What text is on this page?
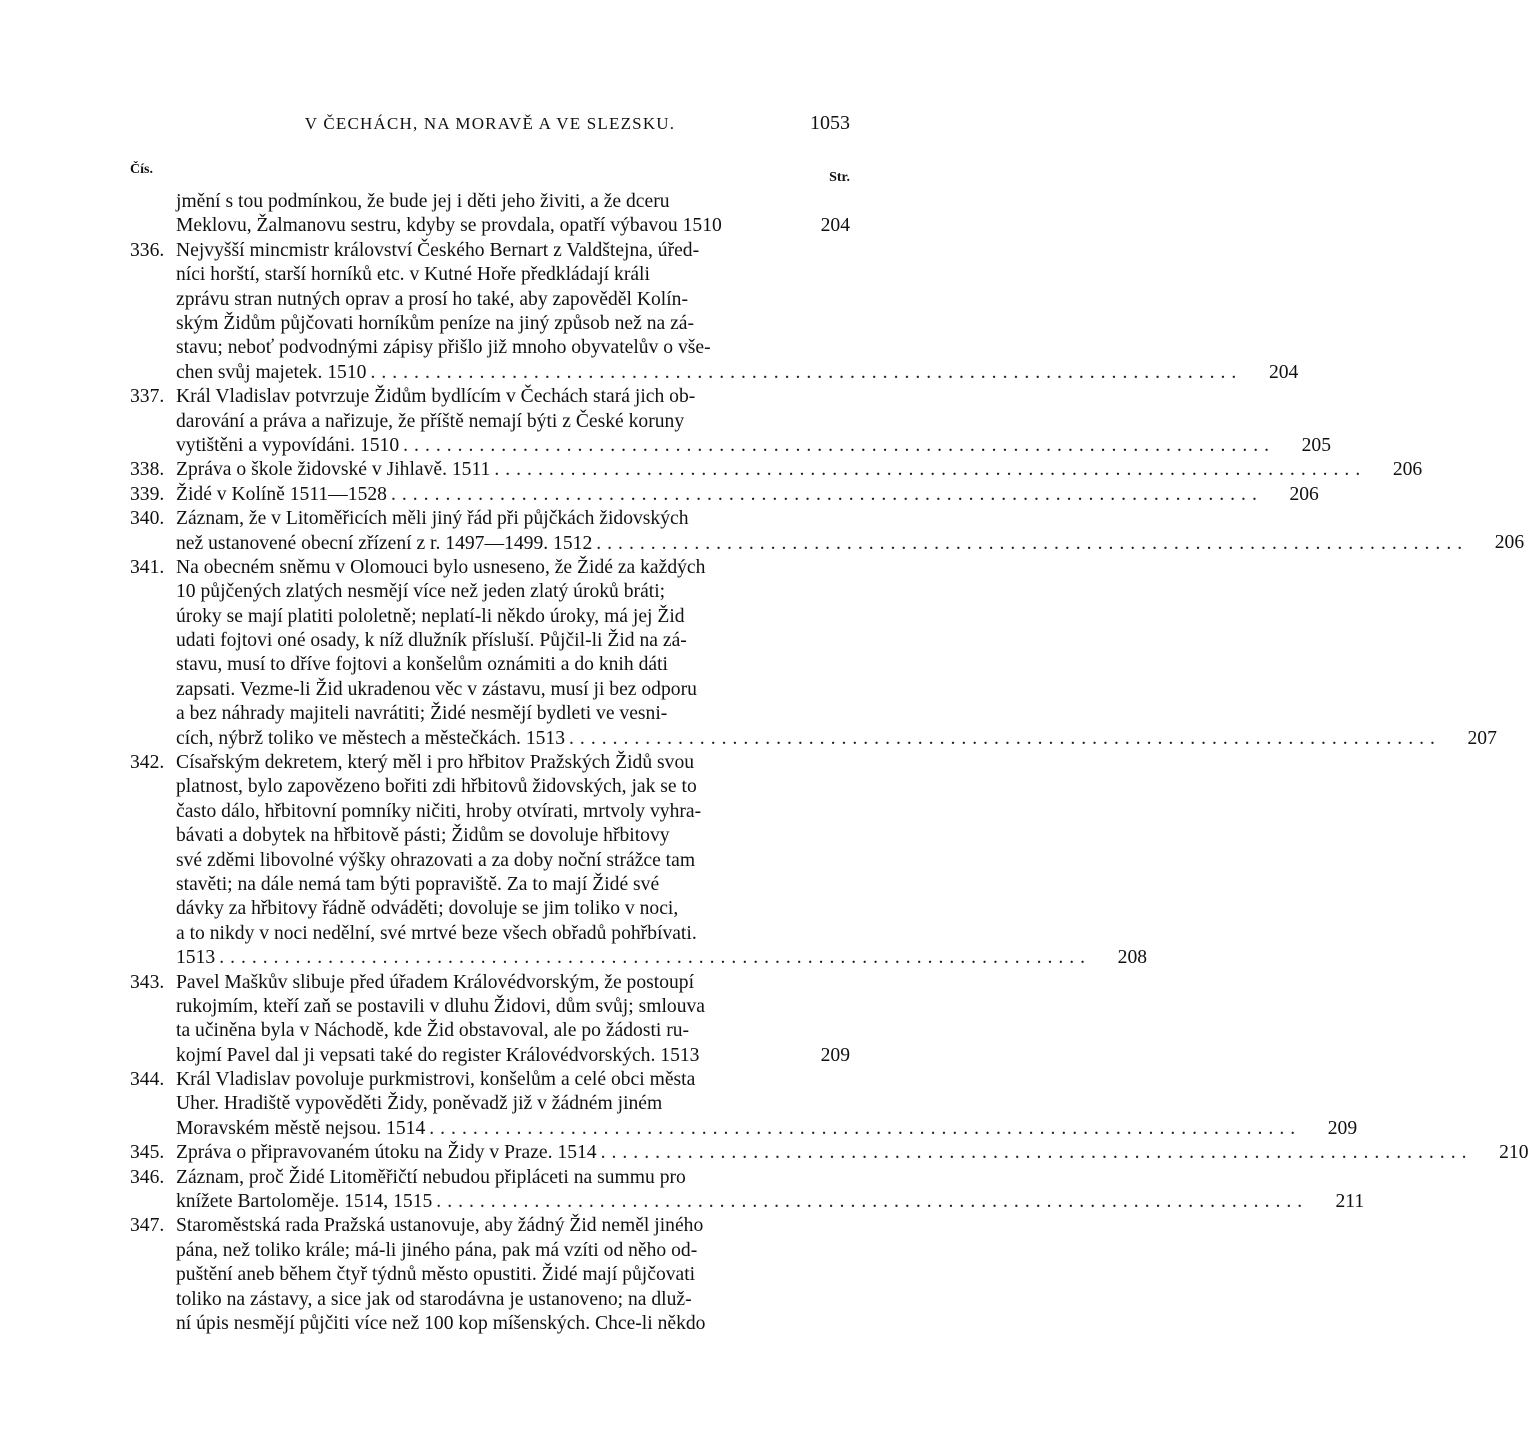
V ČECHÁCH, NA MORAVĚ A VE SLEZSKU.	1053
Čís.
Str.
jmění s tou podmínkou, že bude jej i děti jeho živiti, a že dceru
Meklovu, Žalmanovu sestru, kdyby se provdala, opatří výbavou 1510	204
336. Nejvyšší mincmistr království Českého Bernart z Valdštejna, úřed-
níci horští, starší horníků etc. v Kutné Hoře předkládají králi
zprávu stran nutných oprav a prosí ho také, aby zapověděl Kolín-
ským Židům půjčovati horníkům peníze na jiný způsob než na zá-
stavu; neboť podvodnými zápisy přišlo již mnoho obyvatelův o vše-
chen svůj majetek. 1510 ................................................................................	204
337. Král Vladislav potvrzuje Židům bydlícím v Čechách stará jich ob-
darování a práva a nařizuje, že příště nemají býti z České koruny
vytištěni a vypovídáni. 1510 ................................................................................	205
338. Zpráva o škole židovské v Jihlavě. 1511 ................................................................................	206
339. Židé v Kolíně 1511—1528 ................................................................................	206
340. Záznam, že v Litoměřicích měli jiný řád při půjčkách židovských
než ustanovené obecní zřízení z r. 1497—1499. 1512 ................................................................................	206
341. Na obecném sněmu v Olomouci bylo usneseno, že Židé za každých
10 půjčených zlatých nesmějí více než jeden zlatý úroků bráti;
úroky se mají platiti pololetně; neplatí-li někdo úroky, má jej Žid
udati fojtovi oné osady, k níž dlužník přísluší. Půjčil-li Žid na zá-
stavu, musí to dříve fojtovi a konšelům oznámiti a do knih dáti
zapsati. Vezme-li Žid ukradenou věc v zástavu, musí ji bez odporu
a bez náhrady majiteli navrátiti; Židé nesmějí bydleti ve vesni-
cích, nýbrž toliko ve městech a městečkách. 1513 ................................................................................	207
342. Císařským dekretem, který měl i pro hřbitov Pražských Židů svou
platnost, bylo zapovězeno bořiti zdi hřbitovů židovských, jak se to
často dálo, hřbitovní pomníky ničiti, hroby otvírati, mrtvoly vyhra-
bávati a dobytek na hřbitově pásti; Židům se dovoluje hřbitovy
své zděmi libovolné výšky ohrazovati a za doby noční strážce tam
stavěti; na dále nemá tam býti popraviště. Za to mají Židé své
dávky za hřbitovy řádně odváděti; dovoluje se jim toliko v noci,
a to nikdy v noci nedělní, své mrtvé beze všech obřadů pohřbívati.
1513 ................................................................................	208
343. Pavel Maškův slibuje před úřadem Královédvorským, že postoupí
rukojmím, kteří zaň se postavili v dluhu Židovi, dům svůj; smlouva
ta učiněna byla v Náchodě, kde Žid obstavoval, ale po žádosti ru-
kojmí Pavel dal ji vepsati také do register Královédvorských. 1513	209
344. Král Vladislav povoluje purkmistrovi, konšelům a celé obci města
Uher. Hradiště vypověděti Židy, poněvadž již v žádném jiném
Moravském městě nejsou. 1514 ................................................................................	209
345. Zpráva o připravovaném útoku na Židy v Praze. 1514 ................................................................................	210
346. Záznam, proč Židé Litoměřičtí nebudou připláceti na summu pro
knížete Bartoloměje. 1514, 1515 ................................................................................	211
347. Staroměstská rada Pražská ustanovuje, aby žádný Žid neměl jiného
pána, než toliko krále; má-li jiného pána, pak má vzíti od něho od-
puštění aneb během čtyř týdnů město opustiti. Židé mají půjčovati
toliko na zástavy, a sice jak od starodávna je ustanoveno; na dluž-
ní úpis nesmějí půjčiti více než 100 kop míšenských. Chce-li někdo
